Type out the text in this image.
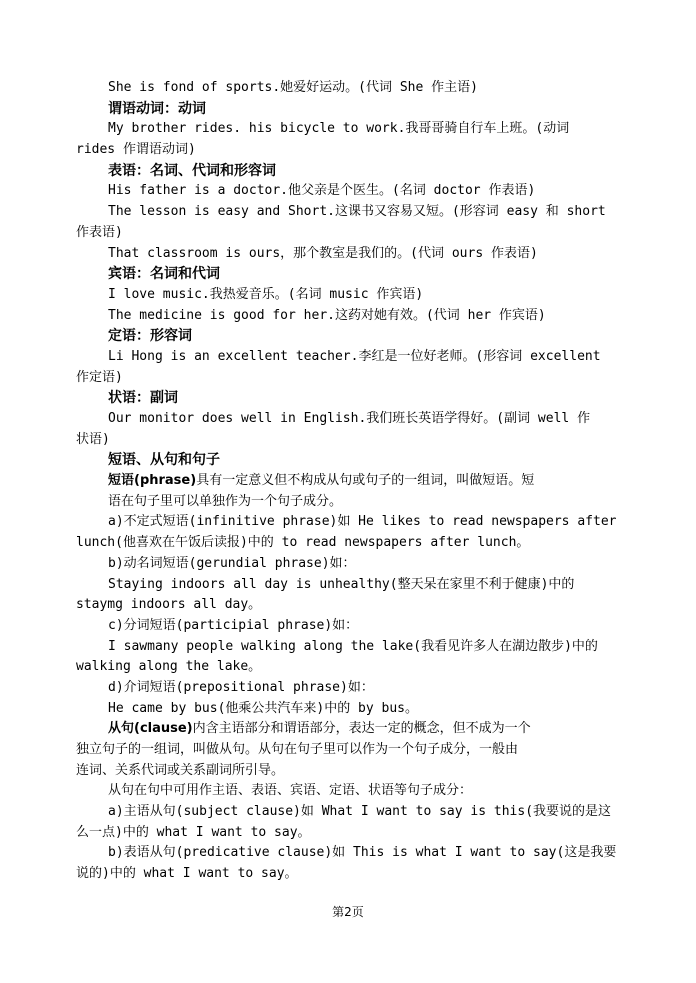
She is fond of sports.她爱好运动。(代词 She 作主语)
谓语动词：动词
My brother rides. his bicycle to work.我哥哥骑自行车上班。(动词
rides 作谓语动词)
表语：名词、代词和形容词
His father is a doctor.他父亲是个医生。(名词 doctor 作表语)
The lesson is easy and Short.这课书又容易又短。(形容词 easy 和 short
作表语)
That classroom is ours，那个教室是我们的。(代词 ours 作表语)
宾语：名词和代词
I love music.我热爱音乐。(名词 music 作宾语)
The medicine is good for her.这药对她有效。(代词 her 作宾语)
定语：形容词
Li Hong is an excellent teacher.李红是一位好老师。(形容词 excellent
作定语)
状语：副词
Our monitor does well in English.我们班长英语学得好。(副词 well 作
状语)
短语、从句和句子
短语(phrase)具有一定意义但不构成从句或句子的一组词，叫做短语。短
语在句子里可以单独作为一个句子成分。
a)不定式短语(infinitive phrase)如 He likes to read newspapers after
lunch(他喜欢在午饭后读报)中的 to read newspapers after lunch。
b)动名词短语(gerundial phrase)如：
Staying indoors all day is unhealthy(整天呆在家里不利于健康)中的
staymg indoors all day。
c)分词短语(participial phrase)如：
I sawmany people walking along the lake(我看见许多人在湖边散步)中的
walking along the lake。
d)介词短语(prepositional phrase)如：
He came by bus(他乘公共汽车来)中的 by bus。
从句(clause)内含主语部分和谓语部分，表达一定的概念，但不成为一个
独立句子的一组词，叫做从句。从句在句子里可以作为一个句子成分，一般由
连词、关系代词或关系副词所引导。
从句在句中可用作主语、表语、宾语、定语、状语等句子成分：
a)主语从句(subject clause)如 What I want to say is this(我要说的是这
么一点)中的 what I want to say。
b)表语从句(predicative clause)如 This is what I want to say(这是我要
说的)中的 what I want to say。
第2页
